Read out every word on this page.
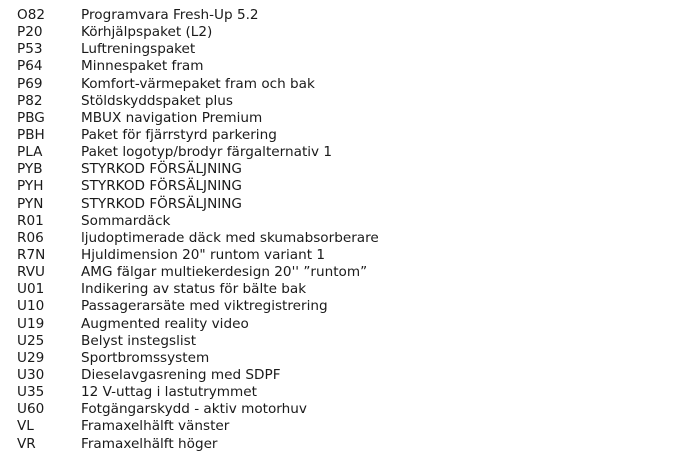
O82	Programvara Fresh-Up 5.2
P20	Körhjälpspaket (L2)
P53	Luftreningspaket
P64	Minnespaket fram
P69	Komfort-värmepaket fram och bak
P82	Stöldskyddspaket plus
PBG	MBUX navigation Premium
PBH	Paket för fjärrstyrd parkering
PLA	Paket logotyp/brodyr färgalternativ 1
PYB	STYRKOD FÖRSÄLJNING
PYH	STYRKOD FÖRSÄLJNING
PYN	STYRKOD FÖRSÄLJNING
R01	Sommardäck
R06	ljudoptimerade däck med skumabsorberare
R7N	Hjuldimension 20" runtom variant 1
RVU	AMG fälgar multiekerdesign 20'' ”runtom”
U01	Indikering av status för bälte bak
U10	Passagerarsäte med viktregistrering
U19	Augmented reality video
U25	Belyst instegslist
U29	Sportbromssystem
U30	Dieselavgasrening med SDPF
U35	12 V-uttag i lastutrymmet
U60	Fotgängarskydd - aktiv motorhuv
VL	Framaxelhälft vänster
VR	Framaxelhälft höger
